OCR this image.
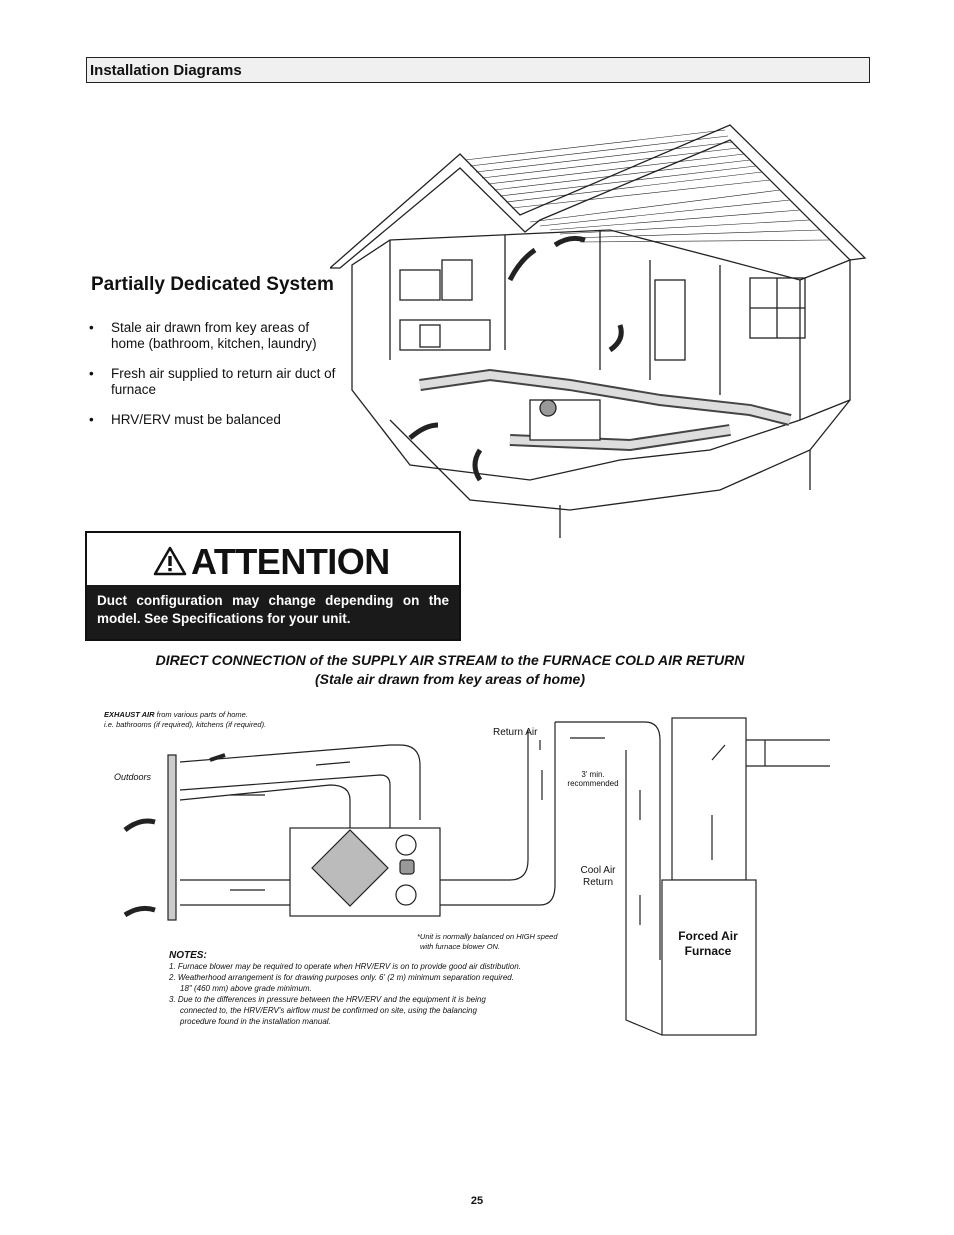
Installation Diagrams
Partially Dedicated System
• Stale air drawn from key areas of home (bathroom, kitchen, laundry)
• Fresh air supplied to return air duct of furnace
• HRV/ERV must be balanced
ATTENTION
Duct configuration may change depending on the model. See Specifications for your unit.
DIRECT CONNECTION of the SUPPLY AIR STREAM to the FURNACE COLD AIR RETURN
(Stale air drawn from key areas of home)
EXHAUST AIR from various parts of home.
i.e. bathrooms (if required), kitchens (if required).
Outdoors
Return Air
3' min.
recommended
Cool Air
Return
*Unit is normally balanced on HIGH speed
with furnace blower ON.
Forced Air
Furnace
NOTES:
1. Furnace blower may be required to operate when HRV/ERV is on to provide good air distribution.
2. Weatherhood arrangement is for drawing purposes only. 6' (2 m) minimum separation required.
18" (460 mm) above grade minimum.
3. Due to the differences in pressure between the HRV/ERV and the equipment it is being
connected to, the HRV/ERV's airflow must be confirmed on site, using the balancing
procedure found in the installation manual.
25
